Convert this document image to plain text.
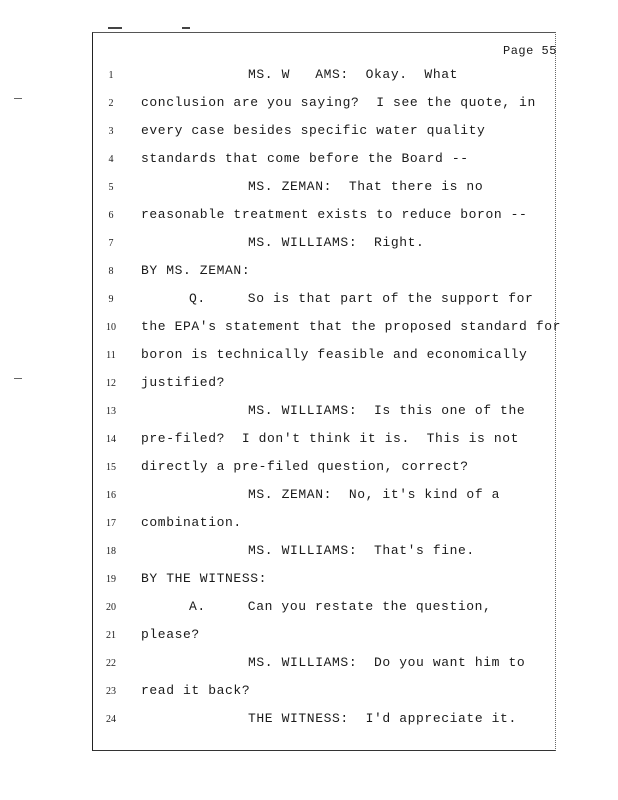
Page 55
1	MS. W   AMS:  Okay.  What
2	conclusion are you saying?  I see the quote, in
3	every case besides specific water quality
4	standards that come before the Board --
5	MS. ZEMAN:  That there is no
6	reasonable treatment exists to reduce boron --
7	MS. WILLIAMS:  Right.
8	BY MS. ZEMAN:
9	Q.     So is that part of the support for
10	the EPA's statement that the proposed standard for
11	boron is technically feasible and economically
12	justified?
13	MS. WILLIAMS:  Is this one of the
14	pre-filed?  I don't think it is.  This is not
15	directly a pre-filed question, correct?
16	MS. ZEMAN:  No, it's kind of a
17	combination.
18	MS. WILLIAMS:  That's fine.
19	BY THE WITNESS:
20	A.     Can you restate the question,
21	please?
22	MS. WILLIAMS:  Do you want him to
23	read it back?
24	THE WITNESS:  I'd appreciate it.
